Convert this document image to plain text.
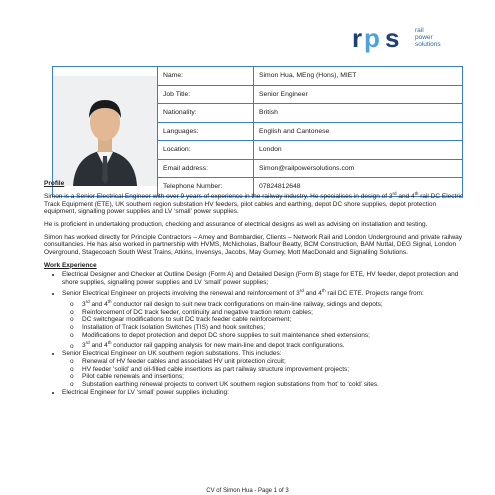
r p s rail
power
solutions
	Name:	Simon Hua, MEng (Hons), MIET
	Job Title:	Senior Engineer
	Nationality:	British
	Languages:	English and Cantonese
	Location:	London
	Email address:	Simon@railpowersolutions.com
	Telephone Number:	07824812648
Profile

Simon is a Senior Electrical Engineer with over 9 years of experience in the railway industry. He specialises in design of 3rd and 4th rail DC Electric Track Equipment (ETE), UK southern region substation HV feeders, pilot cables and earthing, depot DC shore supplies, depot protection equipment, signalling power supplies and LV ‘small’ power supplies.

He is proficient in undertaking production, checking and assurance of electrical designs as well as advising on installation and testing.

Simon has worked directly for Principle Contractors – Amey and Bombardier, Clients – Network Rail and London Underground and private railway consultancies. He has also worked in partnership with HVMS, McNicholas, Balfour Beatty, BCM Construction, BAM Nuttal, DEG Signal, London Overground, Stagecoach South West Trains, Atkins, Invensys, Jacobs, May Gurney, Mott MacDonald and Signalling Solutions.

Work Experience
• Electrical Designer and Checker at Outline Design (Form A) and Detailed Design (Form B) stage for ETE, HV feeder, depot protection and shore supplies, signalling power supplies and LV ‘small’ power supplies;
• Senior Electrical Engineer on projects involving the renewal and reinforcement of 3rd and 4th rail DC ETE. Projects range from:
o 3rd and 4th conductor rail design to suit new track configurations on main-line railway, sidings and depots;
o Reinforcement of DC track feeder, continuity and negative traction return cables;
o DC switchgear modifications to suit DC track feeder cable reinforcement;
o Installation of Track Isolation Switches (TIS) and hook switches;
o Modifications to depot protection and depot DC shore supplies to suit maintenance shed extensions;
o 3rd and 4th conductor rail gapping analysis for new main-line and depot track configurations.
• Senior Electrical Engineer on UK southern region substations. This includes:
o Renewal of HV feeder cables and associated HV unit protection circuit;
o HV feeder ‘solid’ and oil-filled cable insertions as part railway structure improvement projects;
o Pilot cable renewals and insertions;
o Substation earthing renewal projects to convert UK southern region substations from ‘hot’ to ‘cold’ sites.
• Electrical Engineer for LV ‘small’ power supplies including:
CV of Simon Hua - Page 1 of 3
